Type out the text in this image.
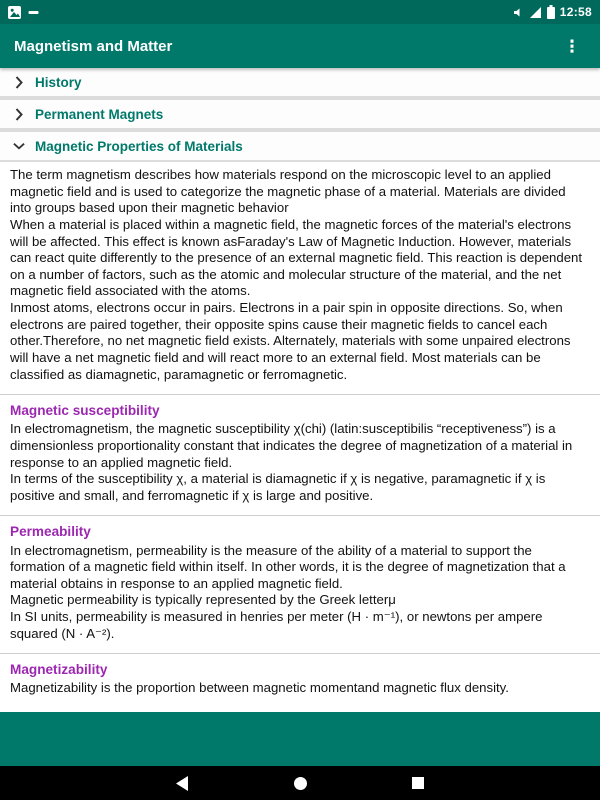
12:58
Magnetism and Matter	⋮
History
Permanent Magnets
Magnetic Properties of Materials

The term magnetism describes how materials respond on the microscopic level to an applied magnetic field and is used to categorize the magnetic phase of a material. Materials are divided into groups based upon their magnetic behavior

When a material is placed within a magnetic field, the magnetic forces of the material's electrons will be affected. This effect is known asFaraday's Law of Magnetic Induction. However, materials can react quite differently to the presence of an external magnetic field. This reaction is dependent on a number of factors, such as the atomic and molecular structure of the material, and the net magnetic field associated with the atoms.

Inmost atoms, electrons occur in pairs. Electrons in a pair spin in opposite directions. So, when electrons are paired together, their opposite spins cause their magnetic fields to cancel each other.Therefore, no net magnetic field exists. Alternately, materials with some unpaired electrons will have a net magnetic field and will react more to an external field. Most materials can be classified as diamagnetic, paramagnetic or ferromagnetic.

Magnetic susceptibility

In electromagnetism, the magnetic susceptibility χ(chi) (latin:susceptibilis “receptiveness”) is a dimensionless proportionality constant that indicates the degree of magnetization of a material in response to an applied magnetic field.

In terms of the susceptibility χ, a material is diamagnetic if χ is negative, paramagnetic if χ is positive and small, and ferromagnetic if χ is large and positive.

Permeability

In electromagnetism, permeability is the measure of the ability of a material to support the formation of a magnetic field within itself. In other words, it is the degree of magnetization that a material obtains in response to an applied magnetic field.

Magnetic permeability is typically represented by the Greek letterμ

In SI units, permeability is measured in henries per meter (H · m⁻¹), or newtons per ampere squared (N · A⁻²).

Magnetizability

Magnetizability is the proportion between magnetic momentand magnetic flux density.
